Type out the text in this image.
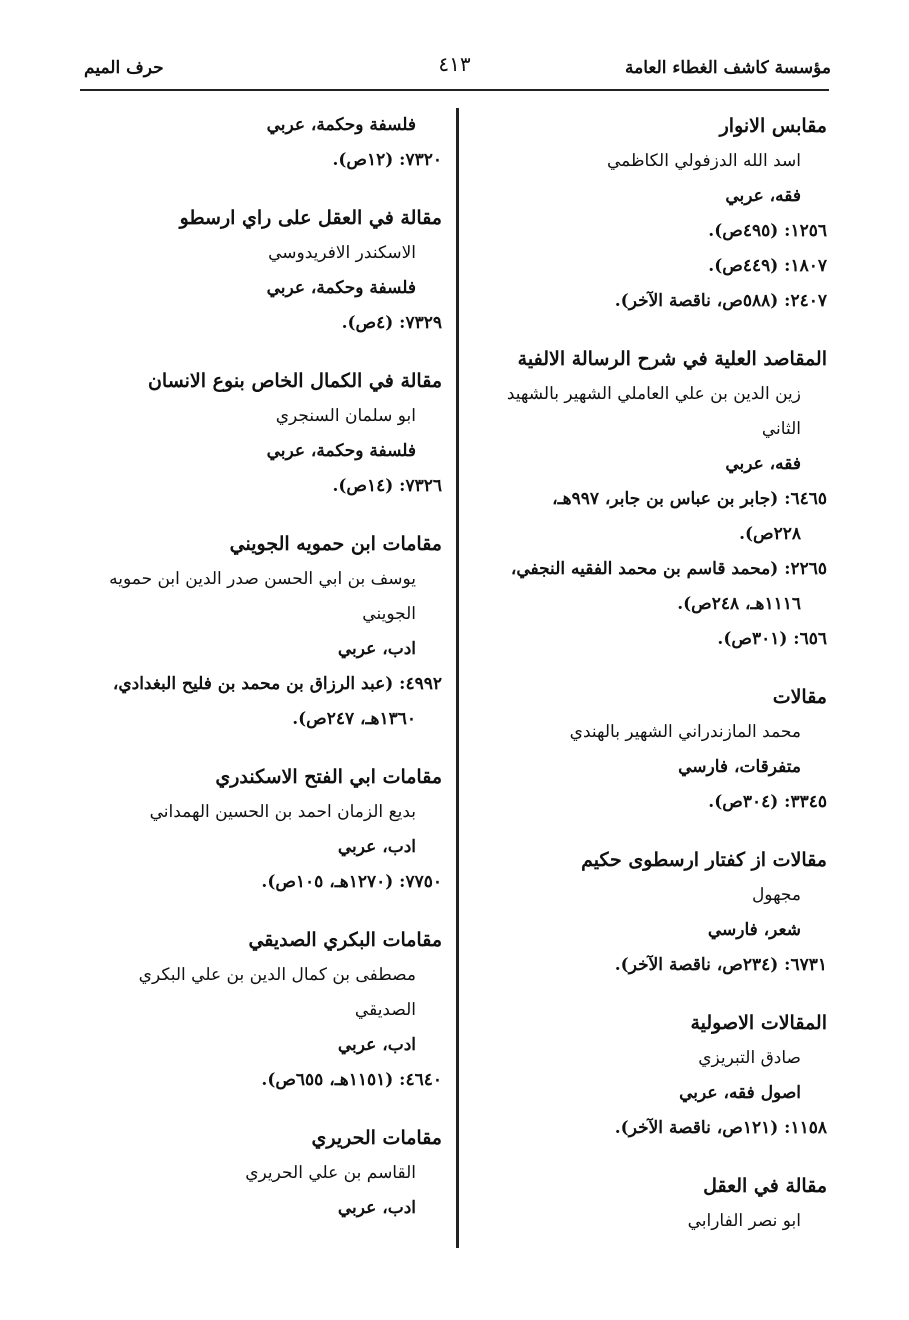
مؤسسة كاشف الغطاء العامة
٤١٣
حرف الميم
مقابس الانوار
اسد الله الدزفولي الكاظمي
فقه، عربي
١٢٥٦: (٤٩٥ص).
١٨٠٧: (٤٤٩ص).
٢٤٠٧: (٥٨٨ص، ناقصة الآخر).
المقاصد العلية في شرح الرسالة الالفية
زين الدين بن علي العاملي الشهير بالشهيد
الثاني
فقه، عربي
٦٤٦٥: (جابر بن عباس بن جابر، ٩٩٧هـ،
٢٢٨ص).
٢٢٦٥: (محمد قاسم بن محمد الفقيه النجفي،
١١١٦هـ، ٢٤٨ص).
٦٥٦: (٣٠١ص).
مقالات
محمد المازندراني الشهير بالهندي
متفرقات، فارسي
٣٣٤٥: (٣٠٤ص).
مقالات از كفتار ارسطوى حكيم
مجهول
شعر، فارسي
٦٧٣١: (٢٣٤ص، ناقصة الآخر).
المقالات الاصولية
صادق التبريزي
اصول فقه، عربي
١١٥٨: (١٢١ص، ناقصة الآخر).
مقالة في العقل
ابو نصر الفارابي
فلسفة وحكمة، عربي
٧٣٢٠: (١٢ص).
مقالة في العقل على راي ارسطو
الاسكندر الافريدوسي
فلسفة وحكمة، عربي
٧٣٢٩: (٤ص).
مقالة في الكمال الخاص بنوع الانسان
ابو سلمان السنجري
فلسفة وحكمة، عربي
٧٣٢٦: (١٤ص).
مقامات ابن حمويه الجويني
يوسف بن ابي الحسن صدر الدين ابن حمويه
الجويني
ادب، عربي
٤٩٩٢: (عبد الرزاق بن محمد بن فليح البغدادي،
١٣٦٠هـ، ٢٤٧ص).
مقامات ابي الفتح الاسكندري
بديع الزمان احمد بن الحسين الهمداني
ادب، عربي
٧٧٥٠: (١٢٧٠هـ، ١٠٥ص).
مقامات البكري الصديقي
مصطفى بن كمال الدين بن علي البكري
الصديقي
ادب، عربي
٤٦٤٠: (١١٥١هـ، ٦٥٥ص).
مقامات الحريري
القاسم بن علي الحريري
ادب، عربي
